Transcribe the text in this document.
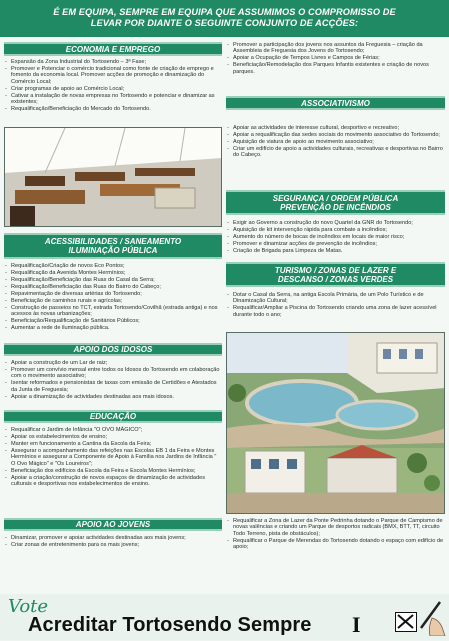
É EM EQUIPA, SEMPRE EM EQUIPA QUE ASSUMIMOS O COMPROMISSO DE
LEVAR POR DIANTE O SEGUINTE CONJUNTO DE ACÇÕES:
ECONOMIA E EMPREGO
- Expansão da Zona Industrial do Tortosendo – 3ª Fase;
- Promover e Potenciar o comércio tradicional como fonte de criação de emprego e fomento da economia local. Promover acções de promoção e dinamização do Comércio Local;
- Criar programas de apoio ao Comércio Local;
- Cativar a instalação de novas empresas no Tortosendo e potenciar e dinamizar as existentes;
- Requalificação/Beneficiação do Mercado do Tortosendo.
ACESSIBILIDADES / SANEAMENTO
ILUMINAÇÃO PÚBLICA
- Requalificação/Criação de novos Eco Pontos;
- Requalificação da Avenida Montes Hermínios;
- Requalificação/Beneficiação das Ruas do Casal da Serra;
- Requalificação/Beneficiação das Ruas do Bairro do Cabeço;
- Repavimentação de diversas artérias do Tortosendo;
- Beneficiação de caminhos rurais e agrícolas;
- Construção de passeios no TCT, estrada Tortosendo/Covilhã (estrada antiga) e nos acessos às novas urbanizações;
- Beneficiação/Requalificação de Sanitários Públicos;
- Aumentar a rede de iluminação pública.
APOIO DOS IDOSOS
- Apoiar a construção de um Lar de raiz;
- Promover um convívio mensal entre todos os Idosos do Tortosendo em colaboração com o movimento associativo;
- Isentar reformados e pensionistas de taxas com emissão de Certidões e Atestados da Junta de Freguesia;
- Apoiar a dinamização de actividades destinadas aos mais idosos.
EDUCAÇÃO
- Requalificar o Jardim de Infância "O OVO MÁGICO";
- Apoiar os estabelecimentos de ensino;
- Manter em funcionamento a Cantina da Escola da Feira;
- Assegurar o acompanhamento das refeições nas Escolas EB 1 da Feira e Montes Hermínios e assegurar a Componente de Apoio à Família nos Jardins de Infância " O Ovo Mágico" e "Os Loureiros";
- Beneficiação dos edifícios da Escola da Feira e Escola Montes Hermínios;
- Apoiar a criação/construção de novos espaços de dinamização de actividades culturais e desportivas nos estabelecimentos de ensino.
APOIO AO JOVENS
- Dinamizar, promover e apoiar actividades destinadas aos mais jovens;
- Criar zonas de entretenimento para os mais jovens;
- Promover a participação dos jovens nos assuntos da Freguesia – criação da Assembleia de Freguesia dos Jovens do Tortosendo;
- Apoiar a Ocupação de Tempos Livres e Campos de Férias;
- Beneficiação/Remodelação dos Parques Infantis existentes e criação de novos parques.
ASSOCIATIVISMO
- Apoiar as actividades de interesse cultural, desportivo e recreativo;
- Apoiar a requalificação das sedes sociais do movimento associativo do Tortosendo;
- Aquisição de viatura de apoio ao movimento associativo;
- Criar um edifício de apoio a actividades culturais, recreativas e desportivas no Bairro do Cabeço.
SEGURANÇA / ORDEM PÚBLICA
PREVENÇÃO DE INCÊNDIOS
- Exigir ao Governo a construção do novo Quartel da GNR do Tortosendo;
- Aquisição de kit intervenção rápida para combate a incêndios;
- Aumento do número de bocas de incêndios em locais de maior risco;
- Promover e dinamizar acções de prevenção de incêndios;
- Criação de Brigada para Limpeza de Matas.
TURISMO / ZONAS DE LAZER E
DESCANSO / ZONAS VERDES
- Dotar o Casal da Serra, na antiga Escola Primária, de um Polo Turístico e de Dinamização Cultural;
- Requalificar/Ampliar a Piscina do Tortosendo criando uma zona de lazer acessível durante todo o ano;
- Requalificar a Zona de Lazer da Ponte Pedrinha dotando o Parque de Campismo de novas valências e criando um Parque de desportos radicais (BMX, BTT, TT, circuito Todo Terreno, pista de obstáculos);
- Requalificar o Parque de Merendas do Tortosendo dotando o espaço com edifício de apoio;
Vote
Acreditar Tortosendo Sempre I
